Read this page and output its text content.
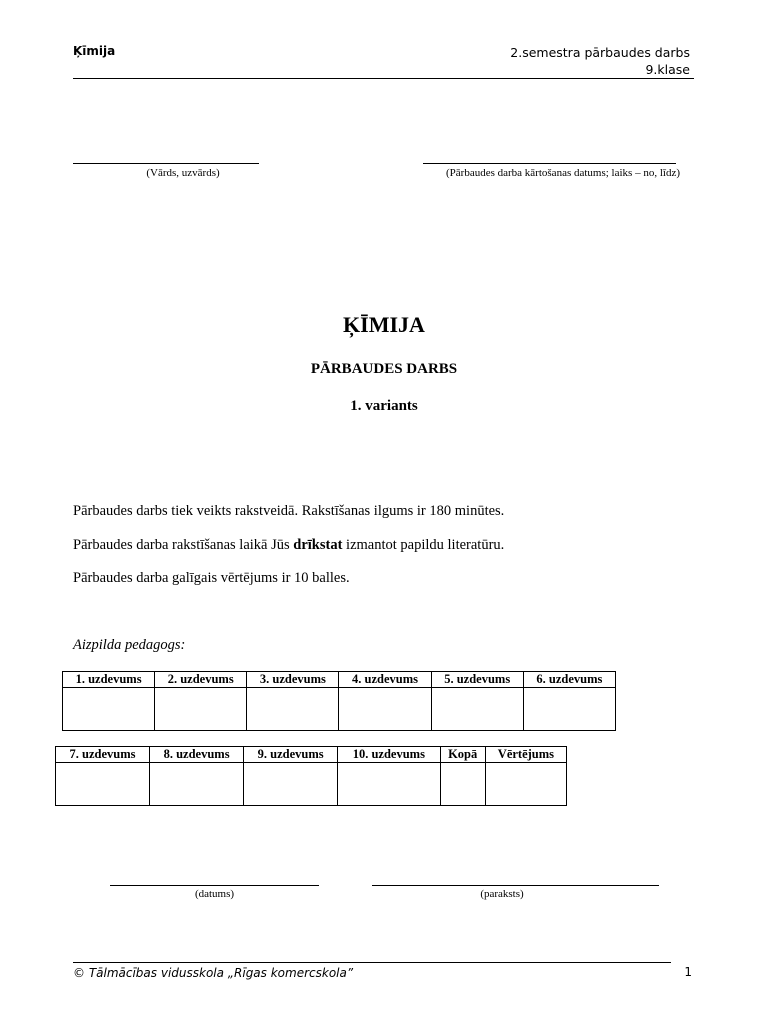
Ķīmija	2.semestra pārbaudes darbs
9.klase
(Vārds, uzvārds)	(Pārbaudes darba kārtošanas datums; laiks – no, līdz)
ĶĪMIJA
PĀRBAUDES DARBS
1. variants
Pārbaudes darbs tiek veikts rakstveidā. Rakstīšanas ilgums ir 180 minūtes.
Pārbaudes darba rakstīšanas laikā Jūs drīkstat izmantot papildu literatūru.
Pārbaudes darba galīgais vērtējums ir 10 balles.
Aizpilda pedagogs:
1. uzdevums	2. uzdevums	3. uzdevums	4. uzdevums	5. uzdevums	6. uzdevums

7. uzdevums	8. uzdevums	9. uzdevums	10. uzdevums	Kopā	Vērtējums

(datums)	(paraksts)
© Tālmācības vidusskola „Rīgas komercskola”	1
